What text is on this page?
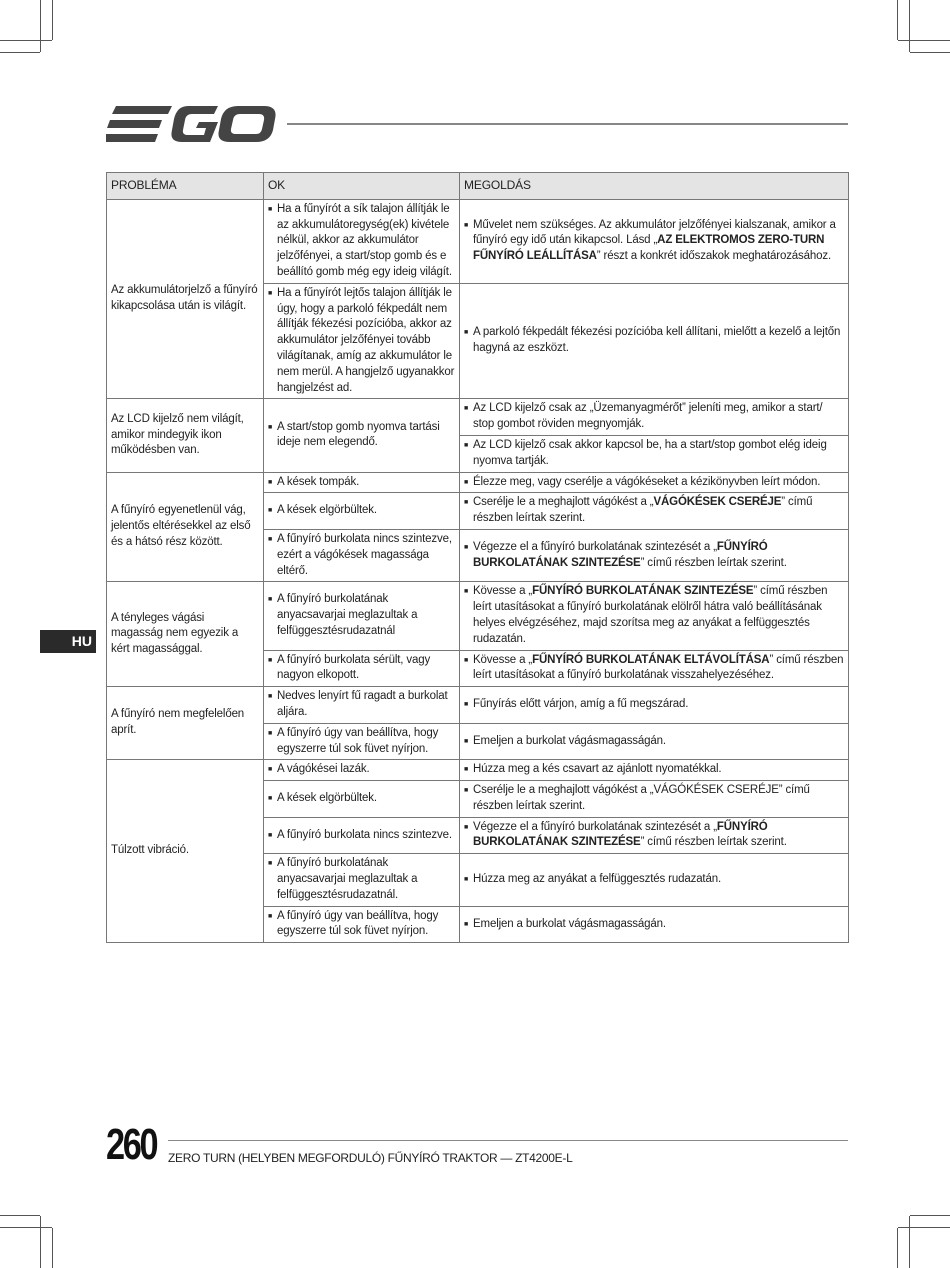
HU
PROBLÉMA	OK	MEGOLDÁS
Az akkumulátorjelző a fűnyíró kikapcsolása után is világít.	■ Ha a fűnyírót a sík talajon állítják le az akkumulátoregység(ek) kivétele nélkül, akkor az akkumulátor jelzőfényei, a start/stop gomb és e beállító gomb még egy ideig világít.	■ Művelet nem szükséges. Az akkumulátor jelzőfényei kialszanak, amikor a fűnyíró egy idő után kikapcsol. Lásd „AZ ELEKTROMOS ZERO-TURN FŰNYÍRÓ LEÁLLÍTÁSA” részt a konkrét időszakok meghatározásához.

	■ Ha a fűnyírót lejtős talajon állítják le úgy, hogy a parkoló fékpedált nem állítják fékezési pozícióba, akkor az akkumulátor jelzőfényei tovább világítanak, amíg az akkumulátor le nem merül. A hangjelző ugyanakkor hangjelzést ad.	■ A parkoló fékpedált fékezési pozícióba kell állítani, mielőtt a kezelő a lejtőn hagyná az eszközt.

Az LCD kijelző nem világít, amikor mindegyik ikon működésben van.	■ A start/stop gomb nyomva tartási ideje nem elegendő.	■ Az LCD kijelző csak az „Üzemanyagmérőt” jeleníti meg, amikor a start/ stop gombot röviden megnyomják.

		■ Az LCD kijelző csak akkor kapcsol be, ha a start/stop gombot elég ideig nyomva tartják.

A fűnyíró egyenetlenül vág, jelentős eltérésekkel az első és a hátsó rész között.	■ A kések tompák.	■ Élezze meg, vagy cserélje a vágókéseket a kézikönyvben leírt módon.

	■ A kések elgörbültek.	■ Cserélje le a meghajlott vágókést a „VÁGÓKÉSEK CSERÉJE” című részben leírtak szerint.

	■ A fűnyíró burkolata nincs szintezve, ezért a vágókések magassága eltérő.	■ Végezze el a fűnyíró burkolatának szintezését a „FŰNYÍRÓ BURKOLATÁNAK SZINTEZÉSE” című részben leírtak szerint.

A tényleges vágási magasság nem egyezik a kért magassággal.	■ A fűnyíró burkolatának anyacsavarjai meglazultak a felfüggesztésrudazatnál	■ Kövesse a „FŰNYÍRÓ BURKOLATÁNAK SZINTEZÉSE” című részben leírt utasításokat a fűnyíró burkolatának elölről hátra való beállításának helyes elvégzéséhez, majd szorítsa meg az anyákat a felfüggesztés rudazatán.

	■ A fűnyíró burkolata sérült, vagy nagyon elkopott.	■ Kövesse a „FŰNYÍRÓ BURKOLATÁNAK ELTÁVOLÍTÁSA” című részben leírt utasításokat a fűnyíró burkolatának visszahelyezéséhez.

A fűnyíró nem megfelelően aprít.	■ Nedves lenyírt fű ragadt a burkolat aljára.	■ Fűnyírás előtt várjon, amíg a fű megszárad.

	■ A fűnyíró úgy van beállítva, hogy egyszerre túl sok füvet nyírjon.	■ Emeljen a burkolat vágásmagasságán.

Túlzott vibráció.	■ A vágókései lazák.	■ Húzza meg a kés csavart az ajánlott nyomatékkal.

	■ A kések elgörbültek.	■ Cserélje le a meghajlott vágókést a „VÁGÓKÉSEK CSERÉJE” című részben leírtak szerint.

	■ A fűnyíró burkolata nincs szintezve.	■ Végezze el a fűnyíró burkolatának szintezését a „FŰNYÍRÓ BURKOLATÁNAK SZINTEZÉSE” című részben leírtak szerint.

	■ A fűnyíró burkolatának anyacsavarjai meglazultak a felfüggesztésrudazatnál.	■ Húzza meg az anyákat a felfüggesztés rudazatán.

	■ A fűnyíró úgy van beállítva, hogy egyszerre túl sok füvet nyírjon.	■ Emeljen a burkolat vágásmagasságán.
260 ZERO TURN (HELYBEN MEGFORDULÓ) FŰNYÍRÓ TRAKTOR — ZT4200E-L
